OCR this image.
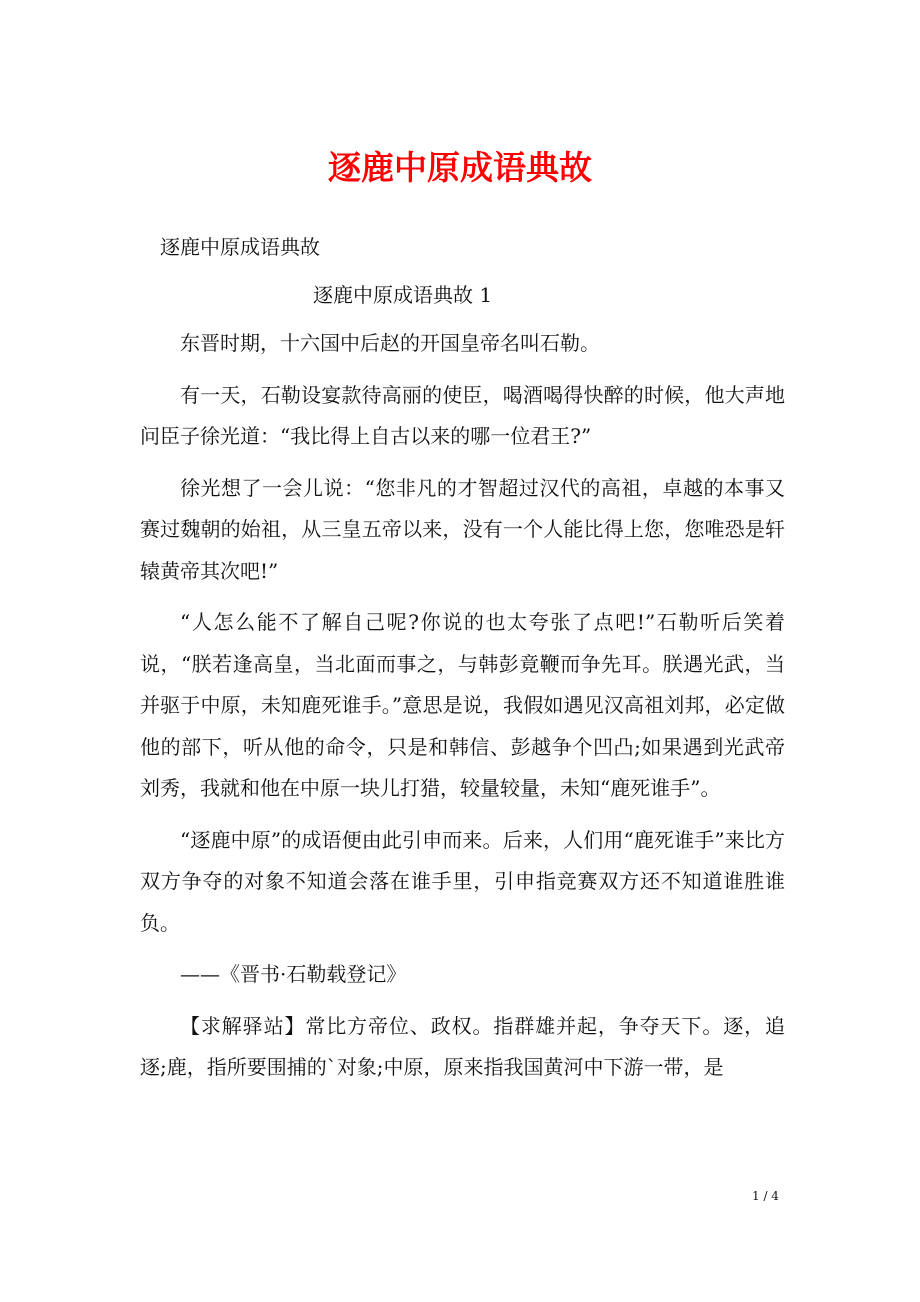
逐鹿中原成语典故
逐鹿中原成语典故
逐鹿中原成语典故 1

东晋时期，十六国中后赵的开国皇帝名叫石勒。

有一天，石勒设宴款待高丽的使臣，喝酒喝得快醉的时候，他大声地问臣子徐光道：“我比得上自古以来的哪一位君王?”

徐光想了一会儿说：“您非凡的才智超过汉代的高祖，卓越的本事又赛过魏朝的始祖，从三皇五帝以来，没有一个人能比得上您，您唯恐是轩辕黄帝其次吧!”

“人怎么能不了解自己呢?你说的也太夸张了点吧!”石勒听后笑着说，“朕若逢高皇，当北面而事之，与韩彭竟鞭而争先耳。朕遇光武，当并驱于中原，未知鹿死谁手。”意思是说，我假如遇见汉高祖刘邦，必定做他的部下，听从他的命令，只是和韩信、彭越争个凹凸;如果遇到光武帝刘秀，我就和他在中原一块儿打猎，较量较量，未知“鹿死谁手”。

“逐鹿中原”的成语便由此引申而来。后来，人们用“鹿死谁手”来比方双方争夺的对象不知道会落在谁手里，引申指竞赛双方还不知道谁胜谁负。

——《晋书·石勒载登记》

【求解驿站】常比方帝位、政权。指群雄并起，争夺天下。逐，追逐;鹿，指所要围捕的`对象;中原，原来指我国黄河中下游一带，是

1 / 4
